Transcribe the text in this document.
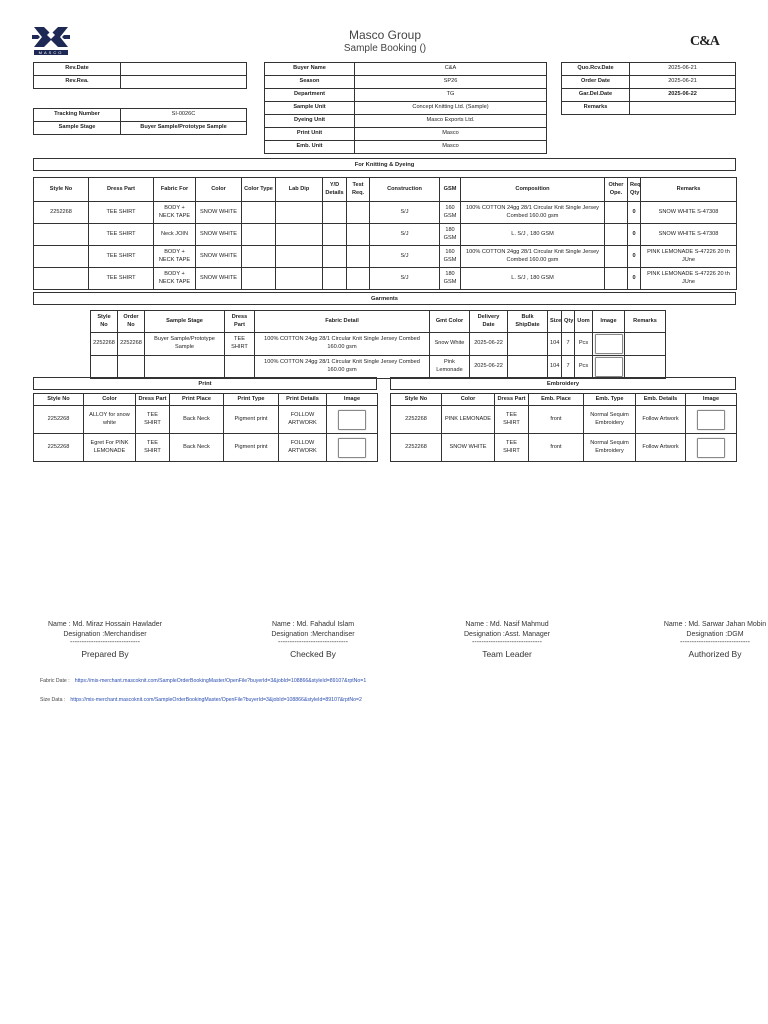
MASCO
Masco Group
Sample Booking ()	C&A
Rev.Date	
Rev.Rea.	
Tracking Number	SI-0026C
Sample Stage	Buyer Sample/Prototype Sample
Buyer Name	C&A
Season	SP26
Department	TG
Sample Unit	Concept Knitting Ltd. (Sample)
Dyeing Unit	Masco Exports Ltd.
Print Unit	Masco
Emb. Unit	Masco
Quo.Rcv.Date	2025-06-21
Order Date	2025-06-21
Gar.Del.Date	2025-06-22
Remarks	
For Knitting & Dyeing
Style No	Dress Part	Fabric For	Color	Color Type	Lab Dip	Y/D Details	Test Req.	Construction	GSM	Composition	Other Ope.	Req Qty	Remarks
2252268	TEE SHIRT	BODY + NECK TAPE	SNOW WHITE					S/J	160 GSM	100% COTTON 24gg 28/1 Circular Knit Single Jersey Combed 160.00 gsm		0	SNOW WHITE S-47308
	TEE SHIRT	Neck JOIN	SNOW WHITE					S/J	180 GSM	L. S/J , 180 GSM		0	SNOW WHITE S-47308
	TEE SHIRT	BODY + NECK TAPE	SNOW WHITE					S/J	160 GSM	100% COTTON 24gg 28/1 Circular Knit Single Jersey Combed 160.00 gsm		0	PINK LEMONADE S-47226 20 th JUne
	TEE SHIRT	BODY + NECK TAPE	SNOW WHITE					S/J	180 GSM	L. S/J , 180 GSM		0	PINK LEMONADE S-47226 20 th JUne
Garments
Style No	Order No	Sample Stage	Dress Part	Fabric Detail	Gmt Color	Delivery Date	Bulk ShipDate	Size	Qty	Uom	Image	Remarks
2252268	2252268	Buyer Sample/Prototype Sample	TEE SHIRT	100% COTTON 24gg 28/1 Circular Knit Single Jersey Combed 160.00 gsm	Snow White	2025-06-22		104	7	Pcs		
				100% COTTON 24gg 28/1 Circular Knit Single Jersey Combed 160.00 gsm	Pink Lemonade	2025-06-22		104	7	Pcs		
Print
Style No	Color	Dress Part	Print Place	Print Type	Print Details	Image
2252268	ALLOY for snow white	TEE SHIRT	Back Neck	Pigment print	FOLLOW ARTWORK	
2252268	Egret For PINK LEMONADE	TEE SHIRT	Back Neck	Pigment print	FOLLOW ARTWORK	
Embroidery
Style No	Color	Dress Part	Emb. Place	Emb. Type	Emb. Details	Image
2252268	PINK LEMONADE	TEE SHIRT	front	Normal Sequim Embroidery	Follow Artwork	
2252268	SNOW WHITE	TEE SHIRT	front	Normal Sequim Embroidery	Follow Artwork	
Name : Md. Miraz Hossain Hawlader
Designation :Merchandiser
------------------------------
Prepared By
Name : Md. Fahadul Islam
Designation :Merchandiser
------------------------------
Checked By
Name : Md. Nasif Mahmud
Designation :Asst. Manager
------------------------------
Team Leader
Name : Md. Sarwar Jahan Mobin
Designation :DGM
------------------------------
Authorized By
Fabric Date : https://mis-merchant.mascoknit.com/SampleOrderBookingMaster/OpenFile?buyerId=3&jobId=108866&styleId=89107&rptNo=1
Size Data : https://mis-merchant.mascoknit.com/SampleOrderBookingMaster/OpenFile?buyerId=3&jobId=108866&styleId=89107&rptNo=2
